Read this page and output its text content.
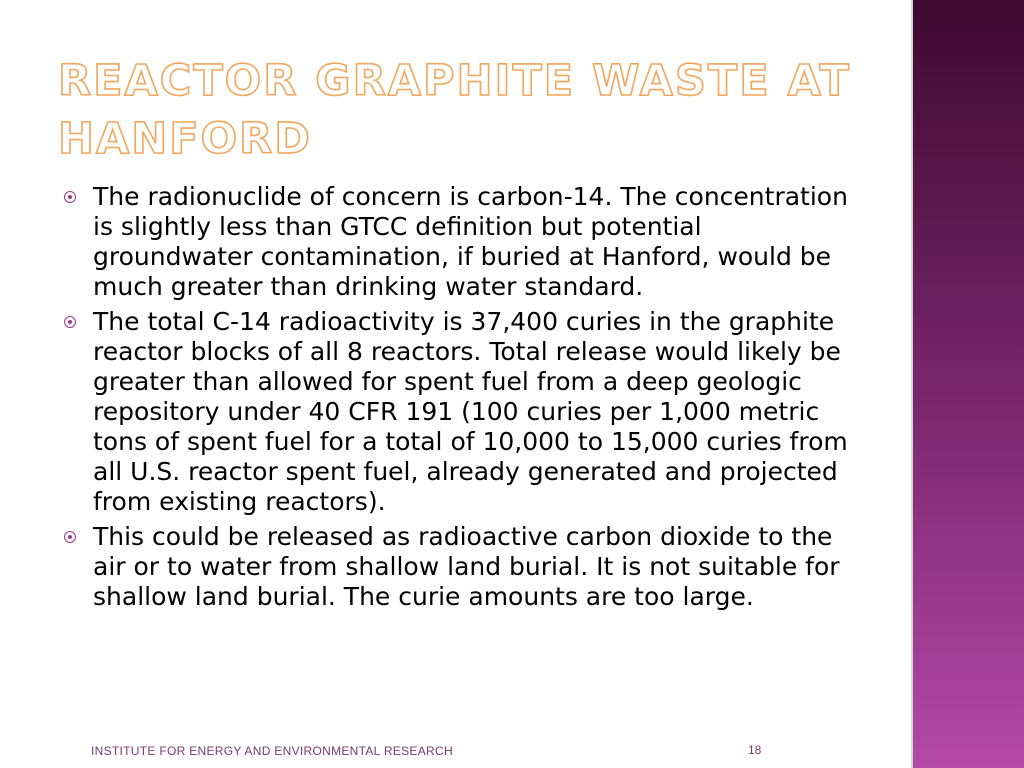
REACTOR GRAPHITE WASTE AT HANFORD
The radionuclide of concern is carbon-14. The concentration is slightly less than GTCC definition but potential groundwater contamination, if buried at Hanford, would be much greater than drinking water standard.
The total C-14 radioactivity is 37,400 curies in the graphite reactor blocks of all 8 reactors. Total release would likely be greater than allowed for spent fuel from a deep geologic repository under 40 CFR 191 (100 curies per 1,000 metric tons of spent fuel for a total of 10,000 to 15,000 curies from all U.S. reactor spent fuel, already generated and projected from existing reactors).
This could be released as radioactive carbon dioxide to the air or to water from shallow land burial. It is not suitable for shallow land burial. The curie amounts are too large.
INSTITUTE FOR ENERGY AND ENVIRONMENTAL RESEARCH	18
